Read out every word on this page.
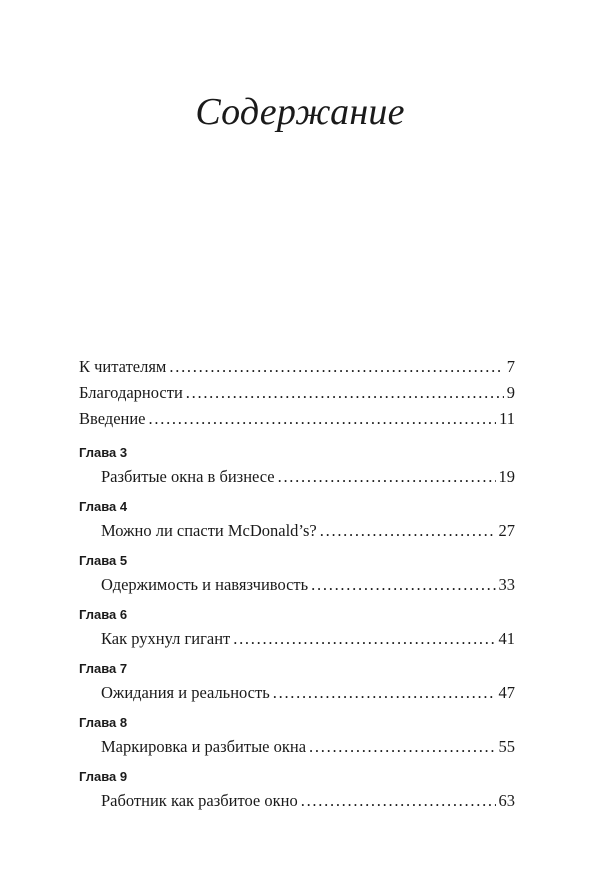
Содержание
К читателям . . .	7
Благодарности . . .	9
Введение . . .	11
Глава 3
Разбитые окна в бизнесе . . .	19
Глава 4
Можно ли спасти McDonald’s? . . .	27
Глава 5
Одержимость и навязчивость . . .	33
Глава 6
Как рухнул гигант . . .	41
Глава 7
Ожидания и реальность . . .	47
Глава 8
Маркировка и разбитые окна . . .	55
Глава 9
Работник как разбитое окно . . .	63
